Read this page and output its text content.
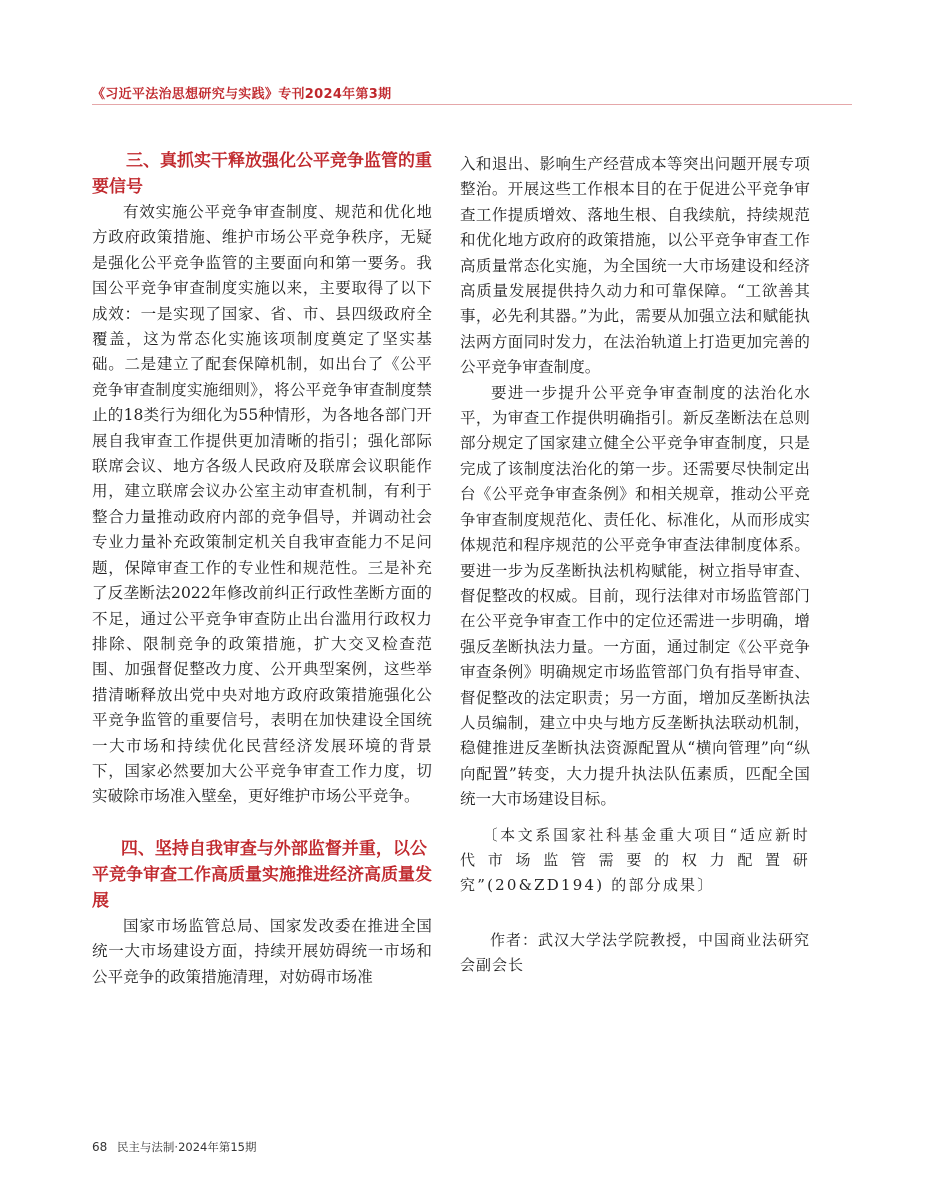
《习近平法治思想研究与实践》专刊2024年第3期
三、真抓实干释放强化公平竞争监管的重要信号

有效实施公平竞争审查制度、规范和优化地方政府政策措施、维护市场公平竞争秩序，无疑是强化公平竞争监管的主要面向和第一要务。我国公平竞争审查制度实施以来，主要取得了以下成效：一是实现了国家、省、市、县四级政府全覆盖，这为常态化实施该项制度奠定了坚实基础。二是建立了配套保障机制，如出台了《公平竞争审查制度实施细则》，将公平竞争审查制度禁止的18类行为细化为55种情形，为各地各部门开展自我审查工作提供更加清晰的指引；强化部际联席会议、地方各级人民政府及联席会议职能作用，建立联席会议办公室主动审查机制，有利于整合力量推动政府内部的竞争倡导，并调动社会专业力量补充政策制定机关自我审查能力不足问题，保障审查工作的专业性和规范性。三是补充了反垄断法2022年修改前纠正行政性垄断方面的不足，通过公平竞争审查防止出台滥用行政权力排除、限制竞争的政策措施，扩大交叉检查范围、加强督促整改力度、公开典型案例，这些举措清晰释放出党中央对地方政府政策措施强化公平竞争监管的重要信号，表明在加快建设全国统一大市场和持续优化民营经济发展环境的背景下，国家必然要加大公平竞争审查工作力度，切实破除市场准入壁垒，更好维护市场公平竞争。

四、坚持自我审查与外部监督并重，以公平竞争审查工作高质量实施推进经济高质量发展

国家市场监管总局、国家发改委在推进全国统一大市场建设方面，持续开展妨碍统一市场和公平竞争的政策措施清理，对妨碍市场准

入和退出、影响生产经营成本等突出问题开展专项整治。开展这些工作根本目的在于促进公平竞争审查工作提质增效、落地生根、自我续航，持续规范和优化地方政府的政策措施，以公平竞争审查工作高质量常态化实施，为全国统一大市场建设和经济高质量发展提供持久动力和可靠保障。“工欲善其事，必先利其器。”为此，需要从加强立法和赋能执法两方面同时发力，在法治轨道上打造更加完善的公平竞争审查制度。

要进一步提升公平竞争审查制度的法治化水平，为审查工作提供明确指引。新反垄断法在总则部分规定了国家建立健全公平竞争审查制度，只是完成了该制度法治化的第一步。还需要尽快制定出台《公平竞争审查条例》和相关规章，推动公平竞争审查制度规范化、责任化、标准化，从而形成实体规范和程序规范的公平竞争审查法律制度体系。要进一步为反垄断执法机构赋能，树立指导审查、督促整改的权威。目前，现行法律对市场监管部门在公平竞争审查工作中的定位还需进一步明确，增强反垄断执法力量。一方面，通过制定《公平竞争审查条例》明确规定市场监管部门负有指导审查、督促整改的法定职责；另一方面，增加反垄断执法人员编制，建立中央与地方反垄断执法联动机制，稳健推进反垄断执法资源配置从“横向管理”向“纵向配置”转变，大力提升执法队伍素质，匹配全国统一大市场建设目标。

〔本文系国家社科基金重大项目“适应新时代市场监管需要的权力配置研究”(20&ZD194) 的部分成果〕

作者：武汉大学法学院教授，中国商业法研究会副会长

68 民主与法制·2024年第15期
